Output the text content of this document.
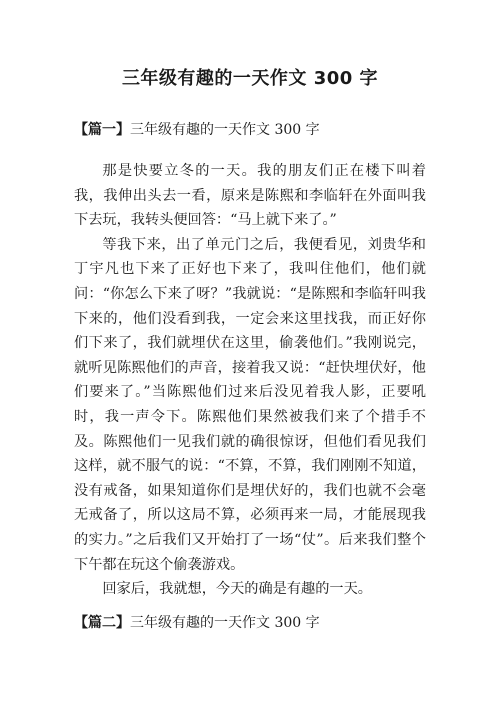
三年级有趣的一天作文 300 字
【篇一】三年级有趣的一天作文 300 字

那是快要立冬的一天。我的朋友们正在楼下叫着我，我伸出头去一看，原来是陈熙和李临轩在外面叫我下去玩，我转头便回答：“马上就下来了。”

等我下来，出了单元门之后，我便看见，刘贵华和丁宇凡也下来了正好也下来了，我叫住他们，他们就问：“你怎么下来了呀？”我就说：“是陈熙和李临轩叫我下来的，他们没看到我，一定会来这里找我，而正好你们下来了，我们就埋伏在这里，偷袭他们。”我刚说完，就听见陈熙他们的声音，接着我又说：“赶快埋伏好，他们要来了。”当陈熙他们过来后没见着我人影，正要吼时，我一声令下。陈熙他们果然被我们来了个措手不及。陈熙他们一见我们就的确很惊讶，但他们看见我们这样，就不服气的说：“不算，不算，我们刚刚不知道，没有戒备，如果知道你们是埋伏好的，我们也就不会毫无戒备了，所以这局不算，必须再来一局，才能展现我的实力。”之后我们又开始打了一场“仗”。后来我们整个下午都在玩这个偷袭游戏。

回家后，我就想，今天的确是有趣的一天。

【篇二】三年级有趣的一天作文 300 字
